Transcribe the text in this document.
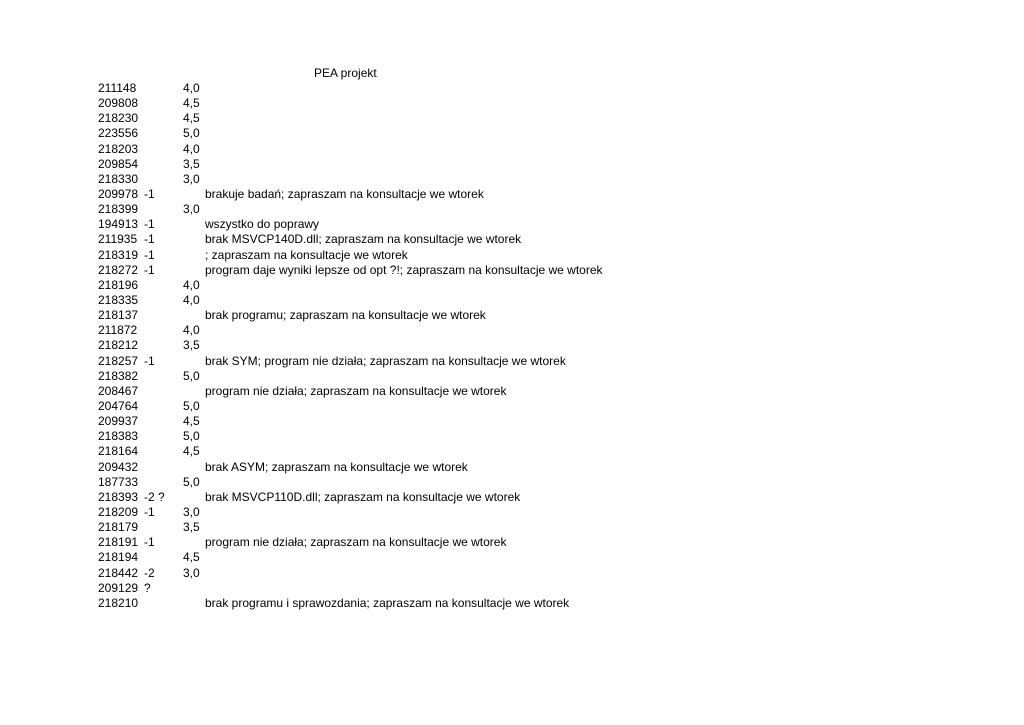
PEA projekt
211148	4,0
209808	4,5
218230	4,5
223556	5,0
218203	4,0
209854	3,5
218330	3,0
209978 -1	brakuje badań; zapraszam na konsultacje we wtorek
218399	3,0
194913 -1	wszystko do poprawy
211935 -1	brak MSVCP140D.dll; zapraszam na konsultacje we wtorek
218319 -1	; zapraszam na konsultacje we wtorek
218272 -1	program daje wyniki lepsze od opt ?!; zapraszam na konsultacje we wtorek
218196	4,0
218335	4,0
218137	brak programu; zapraszam na konsultacje we wtorek
211872	4,0
218212	3,5
218257 -1	brak SYM; program nie działa; zapraszam na konsultacje we wtorek
218382	5,0
208467	program nie działa; zapraszam na konsultacje we wtorek
204764	5,0
209937	4,5
218383	5,0
218164	4,5
209432	brak ASYM; zapraszam na konsultacje we wtorek
187733	5,0
218393 -2 ?	brak MSVCP110D.dll; zapraszam na konsultacje we wtorek
218209 -1 3,0
218179	3,5
218191 -1	program nie działa; zapraszam na konsultacje we wtorek
218194	4,5
218442 -2 3,0
209129 ?
218210	brak programu i sprawozdania; zapraszam na konsultacje we wtorek
